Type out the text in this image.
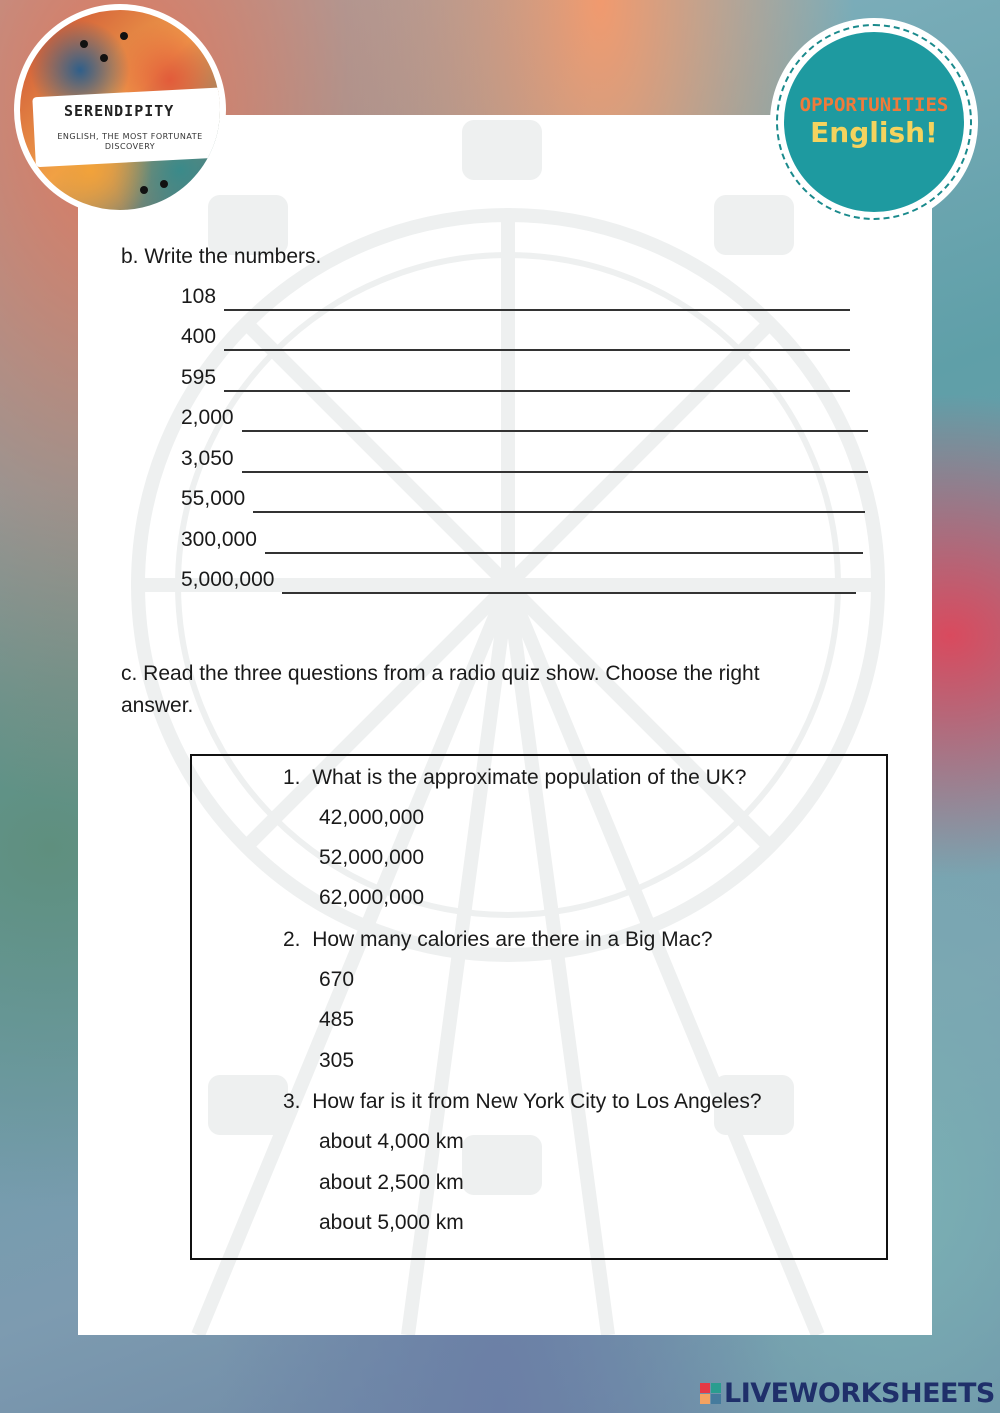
SERENDIPITY
ENGLISH, THE MOST FORTUNATE DISCOVERY
OPPORTUNITIES
English!
b. Write the numbers.
108
400
595
2,000
3,050
55,000
300,000
5,000,000
c. Read the three questions from a radio quiz show. Choose the right
answer.
1. What is the approximate population of the UK?
42,000,000
52,000,000
62,000,000
2. How many calories are there in a Big Mac?
670
485
305
3. How far is it from New York City to Los Angeles?
about 4,000 km
about 2,500 km
about 5,000 km
LIVEWORKSHEETS
